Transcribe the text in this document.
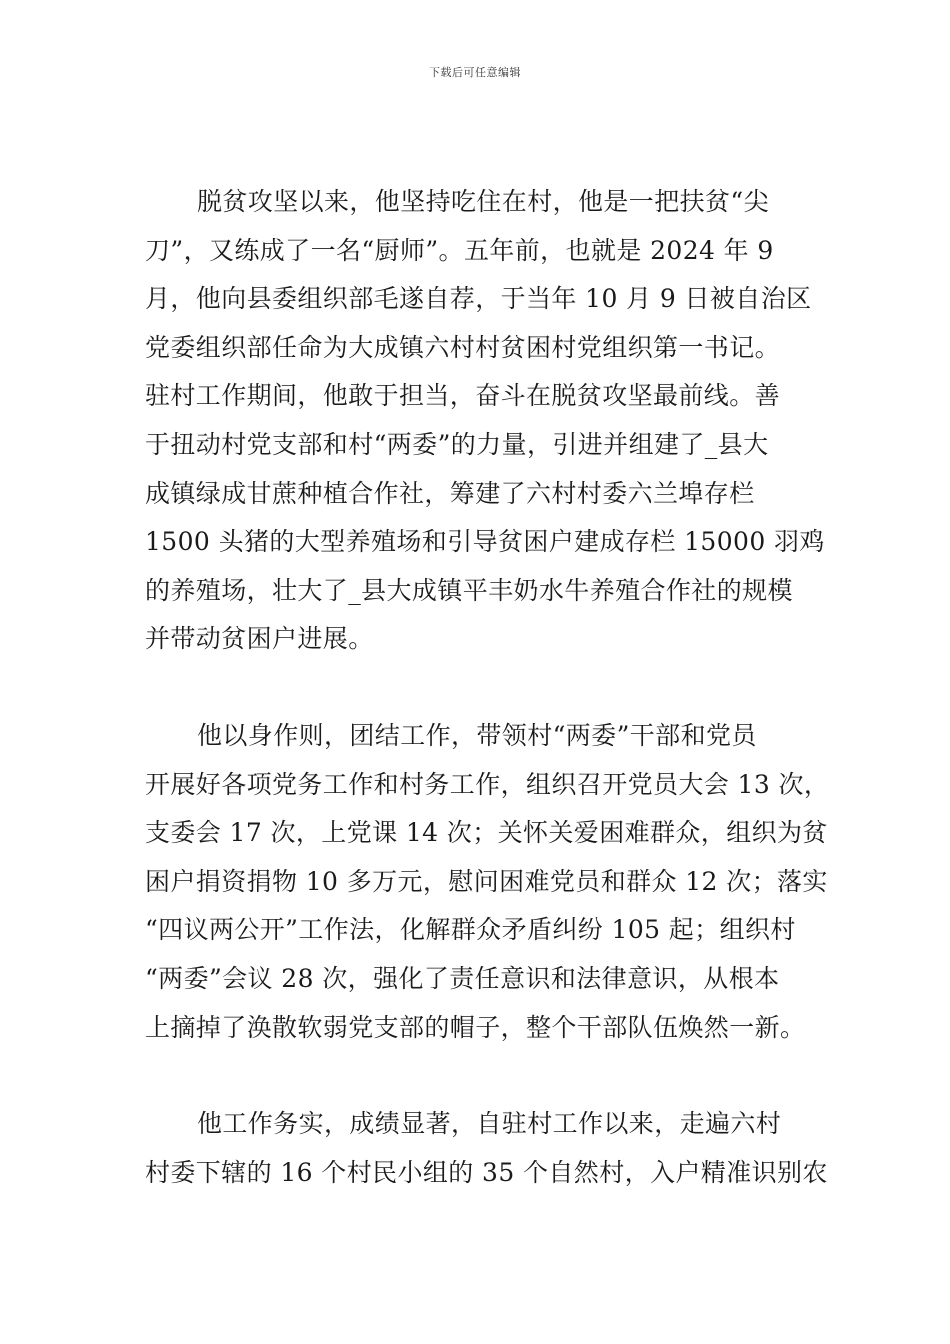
下载后可任意编辑

脱贫攻坚以来，他坚持吃住在村，他是一把扶贫“尖

刀”，又练成了一名“厨师”。五年前，也就是 2024 年 9

月，他向县委组织部毛遂自荐，于当年 10 月 9 日被自治区

党委组织部任命为大成镇六村村贫困村党组织第一书记。

驻村工作期间，他敢于担当，奋斗在脱贫攻坚最前线。善

于扭动村党支部和村“两委”的力量，引进并组建了_县大

成镇绿成甘蔗种植合作社，筹建了六村村委六兰埠存栏

1500 头猪的大型养殖场和引导贫困户建成存栏 15000 羽鸡

的养殖场，壮大了_县大成镇平丰奶水牛养殖合作社的规模

并带动贫困户进展。

他以身作则，团结工作，带领村“两委”干部和党员

开展好各项党务工作和村务工作，组织召开党员大会 13 次，

支委会 17 次，上党课 14 次；关怀关爱困难群众，组织为贫

困户捐资捐物 10 多万元，慰问困难党员和群众 12 次；落实

“四议两公开”工作法，化解群众矛盾纠纷 105 起；组织村

“两委”会议 28 次，强化了责任意识和法律意识，从根本

上摘掉了涣散软弱党支部的帽子，整个干部队伍焕然一新。

他工作务实，成绩显著，自驻村工作以来，走遍六村

村委下辖的 16 个村民小组的 35 个自然村，入户精准识别农
